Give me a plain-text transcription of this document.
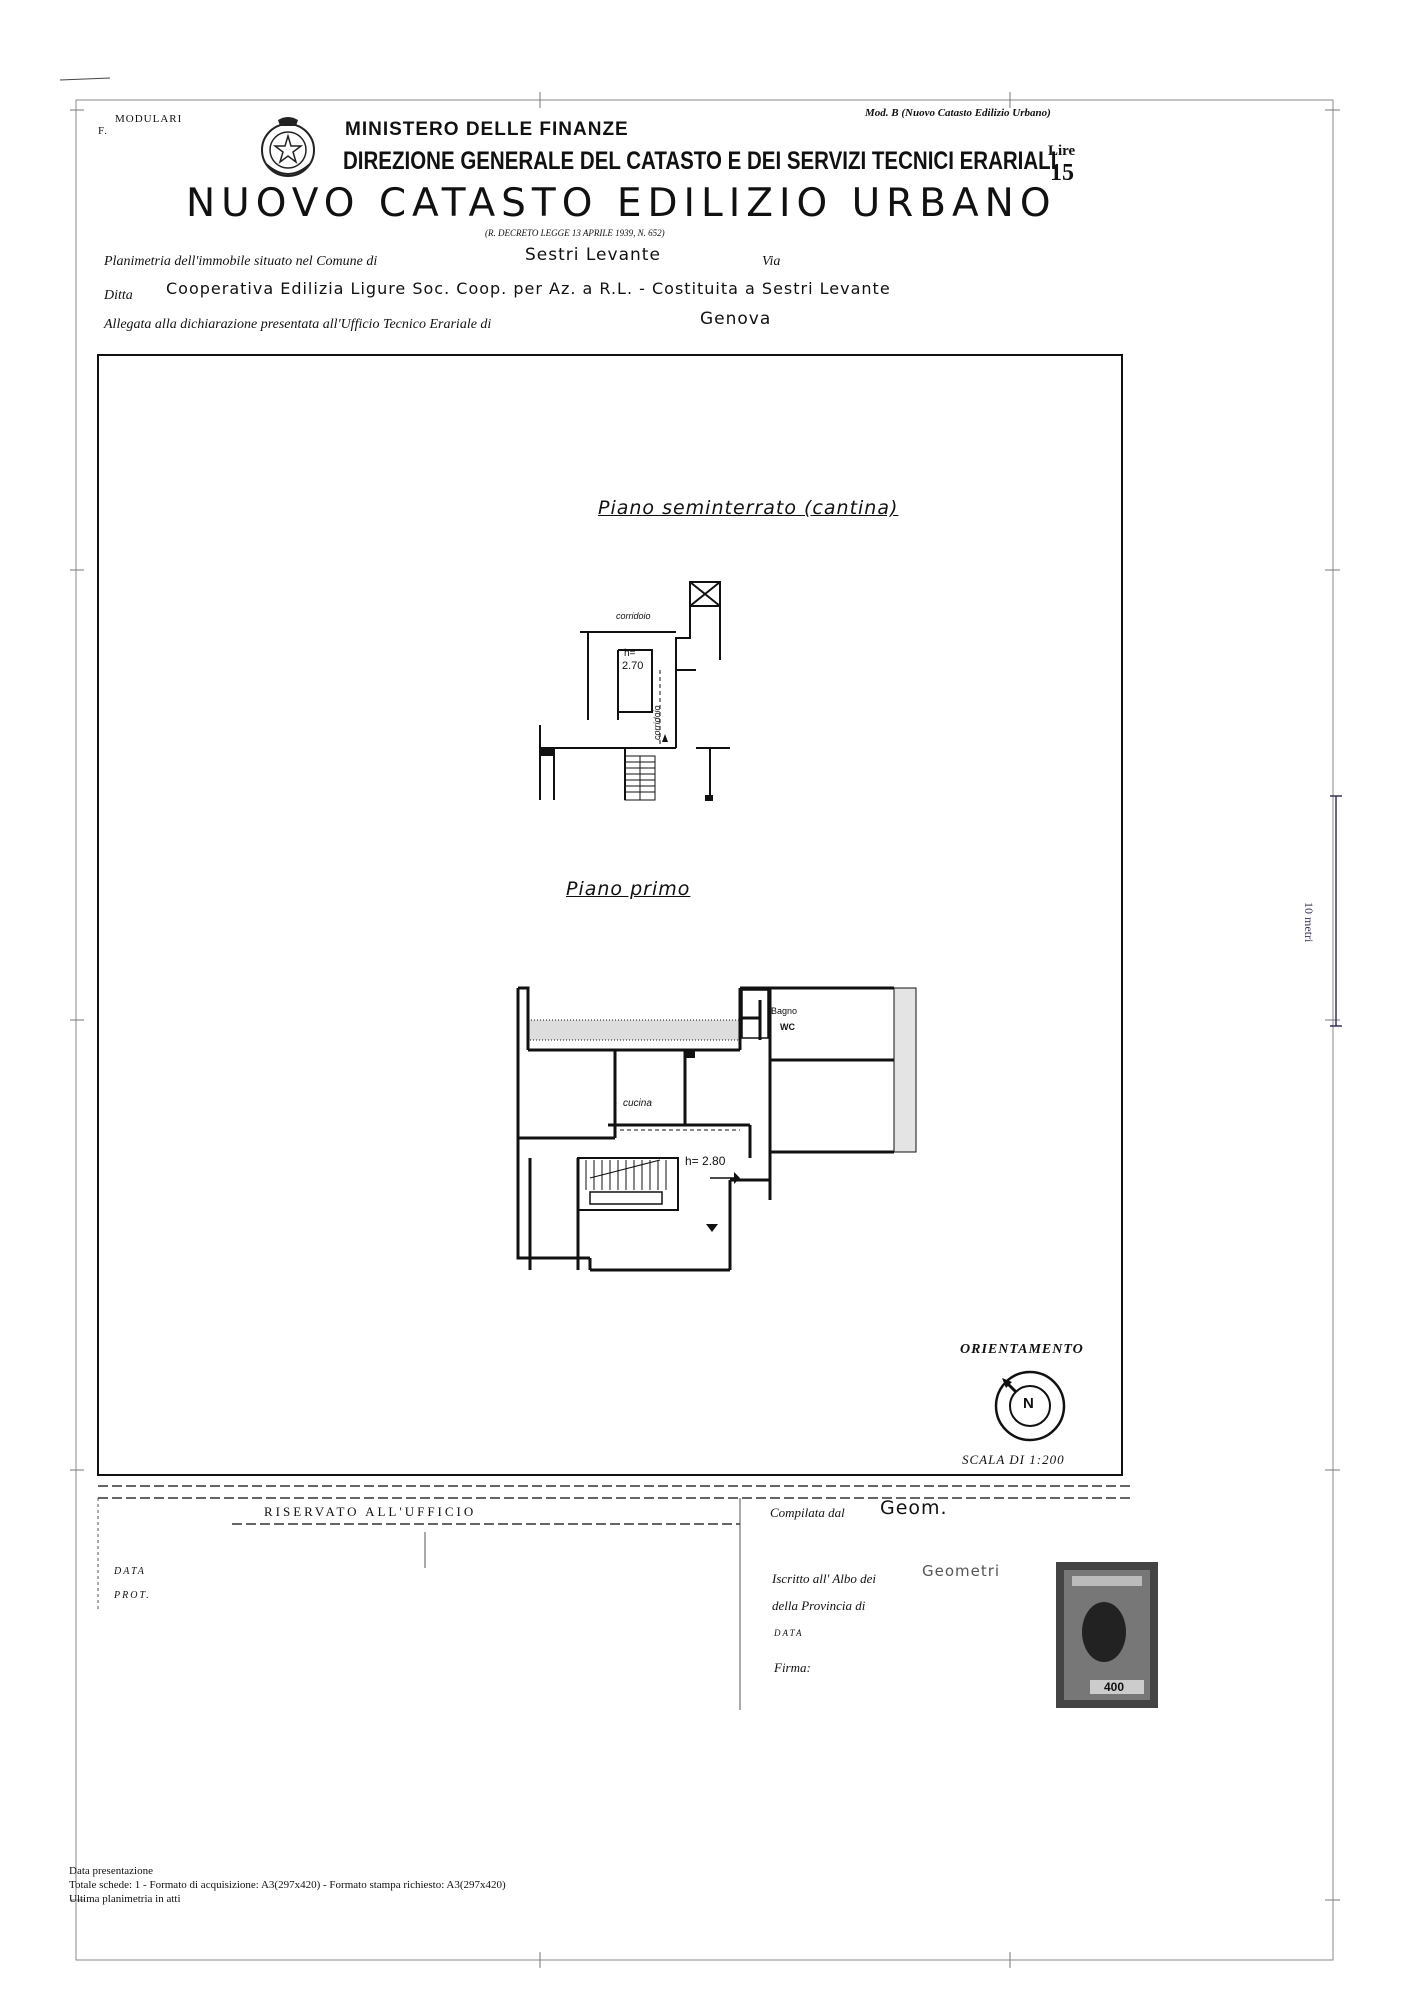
10 metri
MODULARI
F.
Mod. B (Nuovo Catasto Edilizio Urbano)
MINISTERO DELLE FINANZE
DIREZIONE GENERALE DEL CATASTO E DEI SERVIZI TECNICI ERARIALI
Lire
15
NUOVO CATASTO EDILIZIO URBANO
(R. DECRETO LEGGE 13 APRILE 1939, N. 652)
Planimetria dell'immobile situato nel Comune di	Sestri Levante	Via
Ditta Cooperativa Edilizia Ligure Soc. Coop. per Az. a R.L. - Costituita a Sestri Levante
Allegata alla dichiarazione presentata all'Ufficio Tecnico Erariale di	Genova
Piano seminterrato (cantina)
Piano primo
corridoio
h=
2.70
corridoio
Bagno
WC
cucina
h= 2.80
ORIENTAMENTO
N
SCALA DI 1:200
RISERVATO ALL'UFFICIO
DATA
PROT.
Compilata dal Geom.
Iscritto all' Albo dei	Geometri
della Provincia di
DATA
Firma:
400
Data presentazione
Totale schede: 1 - Formato di acquisizione: A3(297x420) - Formato stampa richiesto: A3(297x420)
Ultima planimetria in atti
